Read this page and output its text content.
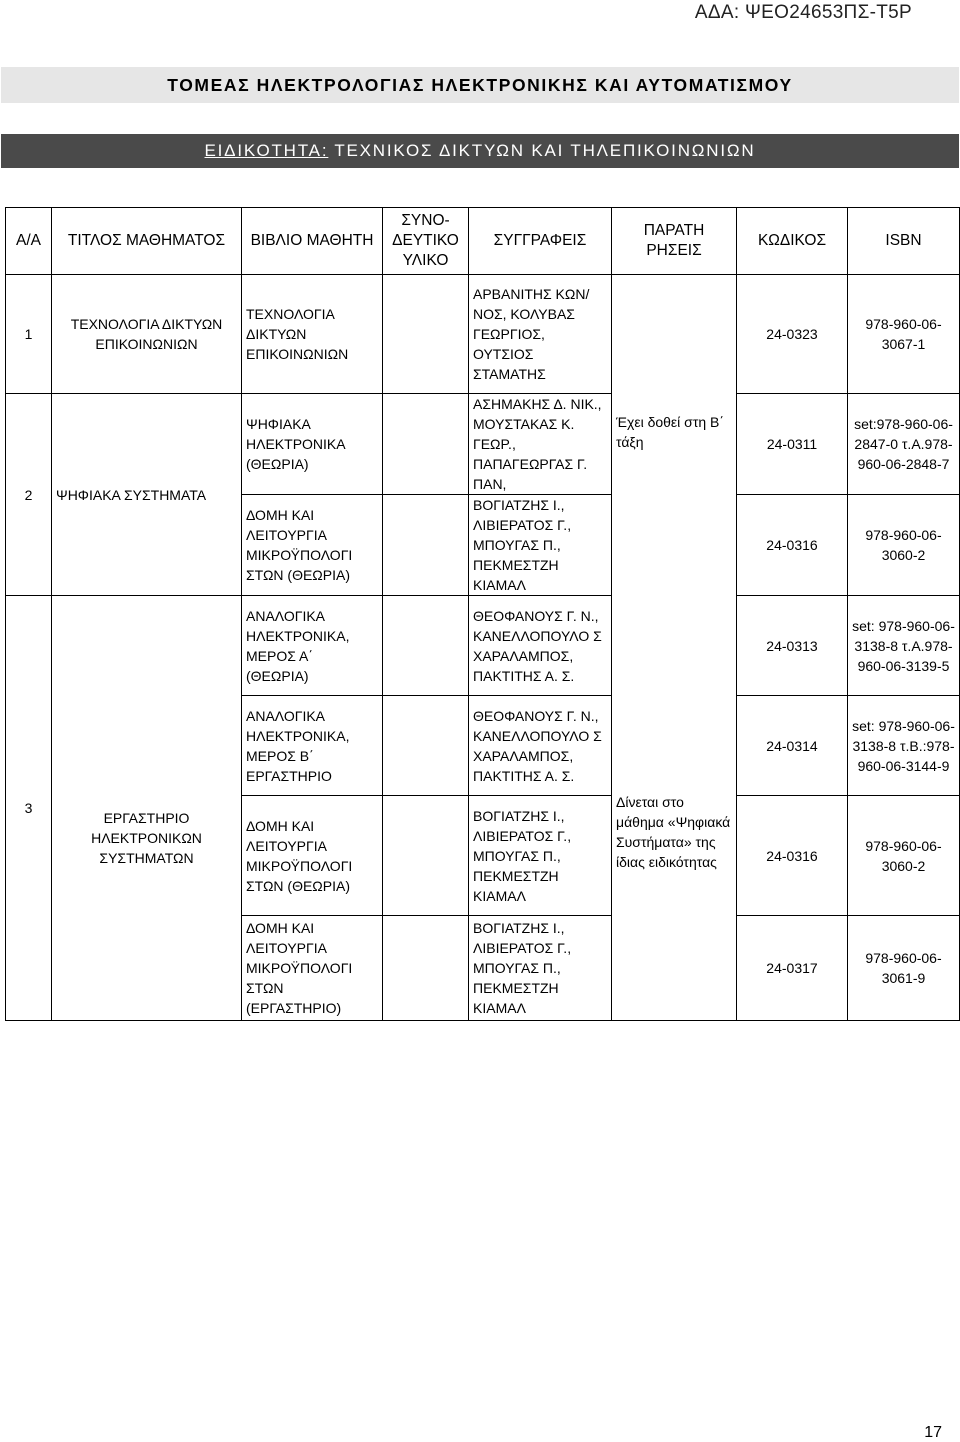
ΑΔΑ: ΨΕΟ24653ΠΣ-Τ5Ρ
ΤΟΜΕΑΣ ΗΛΕΚΤΡΟΛΟΓΙΑΣ ΗΛΕΚΤΡΟΝΙΚΗΣ ΚΑΙ ΑΥΤΟΜΑΤΙΣΜΟΥ
ΕΙΔΙΚΟΤΗΤΑ: ΤΕΧΝΙΚΟΣ ΔΙΚΤΥΩΝ ΚΑΙ ΤΗΛΕΠΙΚΟΙΝΩΝΙΩΝ
Α/Α	ΤΙΤΛΟΣ ΜΑΘΗΜΑΤΟΣ	ΒΙΒΛΙΟ ΜΑΘΗΤΗ	ΣΥΝΟ-ΔΕΥΤΙΚΟ ΥΛΙΚΟ	ΣΥΓΓΡΑΦΕΙΣ	ΠΑΡΑΤΗ ΡΗΣΕΙΣ	ΚΩΔΙΚΟΣ	ISBN
1	ΤΕΧΝΟΛΟΓΙΑ ΔΙΚΤΥΩΝ ΕΠΙΚΟΙΝΩΝΙΩΝ	ΤΕΧΝΟΛΟΓΙΑ ΔΙΚΤΥΩΝ ΕΠΙΚΟΙΝΩΝΙΩΝ		ΑΡΒΑΝΙΤΗΣ ΚΩΝ/ΝΟΣ, ΚΟΛΥΒΑΣ ΓΕΩΡΓΙΟΣ, ΟΥΤΣΙΟΣ ΣΤΑΜΑΤΗΣ		24-0323	978-960-06-3067-1
2	ΨΗΦΙΑΚΑ ΣΥΣΤΗΜΑΤΑ	ΨΗΦΙΑΚΑ ΗΛΕΚΤΡΟΝΙΚΑ (ΘΕΩΡΙΑ)		ΑΣΗΜΑΚΗΣ Δ. ΝΙΚ., ΜΟΥΣΤΑΚΑΣ Κ. ΓΕΩΡ., ΠΑΠΑΓΕΩΡΓΑΣ Γ. ΠΑΝ,	Έχει δοθεί στη Β΄ τάξη	24-0311	set:978-960-06-2847-0 τ.Α.978-960-06-2848-7
		ΔΟΜΗ ΚΑΙ ΛΕΙΤΟΥΡΓΙΑ ΜΙΚΡΟΫΠΟΛΟΓΙ ΣΤΩΝ (ΘΕΩΡΙΑ)		ΒΟΓΙΑΤΖΗΣ Ι., ΛΙΒΙΕΡΑΤΟΣ Γ., ΜΠΟΥΓΑΣ Π., ΠΕΚΜΕΣΤΖΗ ΚΙΑΜΑΛ		24-0316	978-960-06-3060-2
3	ΕΡΓΑΣΤΗΡΙΟ ΗΛΕΚΤΡΟΝΙΚΩΝ ΣΥΣΤΗΜΑΤΩΝ	ΑΝΑΛΟΓΙΚΑ ΗΛΕΚΤΡΟΝΙΚΑ, ΜΕΡΟΣ Α΄ (ΘΕΩΡΙΑ)		ΘΕΟΦΑΝΟΥΣ Γ. Ν., ΚΑΝΕΛΛΟΠΟΥΛΟ Σ ΧΑΡΑΛΑΜΠΟΣ, ΠΑΚΤΙΤΗΣ Α. Σ.		24-0313	set: 978-960-06-3138-8 τ.Α.978-960-06-3139-5
		ΑΝΑΛΟΓΙΚΑ ΗΛΕΚΤΡΟΝΙΚΑ, ΜΕΡΟΣ Β΄ ΕΡΓΑΣΤΗΡΙΟ		ΘΕΟΦΑΝΟΥΣ Γ. Ν., ΚΑΝΕΛΛΟΠΟΥΛΟ Σ ΧΑΡΑΛΑΜΠΟΣ, ΠΑΚΤΙΤΗΣ Α. Σ.	Δίνεται στο μάθημα «Ψηφιακά Συστήματα» της ίδιας ειδικότητας	24-0314	set: 978-960-06-3138-8 τ.Β.:978-960-06-3144-9
		ΔΟΜΗ ΚΑΙ ΛΕΙΤΟΥΡΓΙΑ ΜΙΚΡΟΫΠΟΛΟΓΙ ΣΤΩΝ (ΘΕΩΡΙΑ)		ΒΟΓΙΑΤΖΗΣ Ι., ΛΙΒΙΕΡΑΤΟΣ Γ., ΜΠΟΥΓΑΣ Π., ΠΕΚΜΕΣΤΖΗ ΚΙΑΜΑΛ		24-0316	978-960-06-3060-2
		ΔΟΜΗ ΚΑΙ ΛΕΙΤΟΥΡΓΙΑ ΜΙΚΡΟΫΠΟΛΟΓΙ ΣΤΩΝ (ΕΡΓΑΣΤΗΡΙΟ)		ΒΟΓΙΑΤΖΗΣ Ι., ΛΙΒΙΕΡΑΤΟΣ Γ., ΜΠΟΥΓΑΣ Π., ΠΕΚΜΕΣΤΖΗ ΚΙΑΜΑΛ		24-0317	978-960-06-3061-9
17
